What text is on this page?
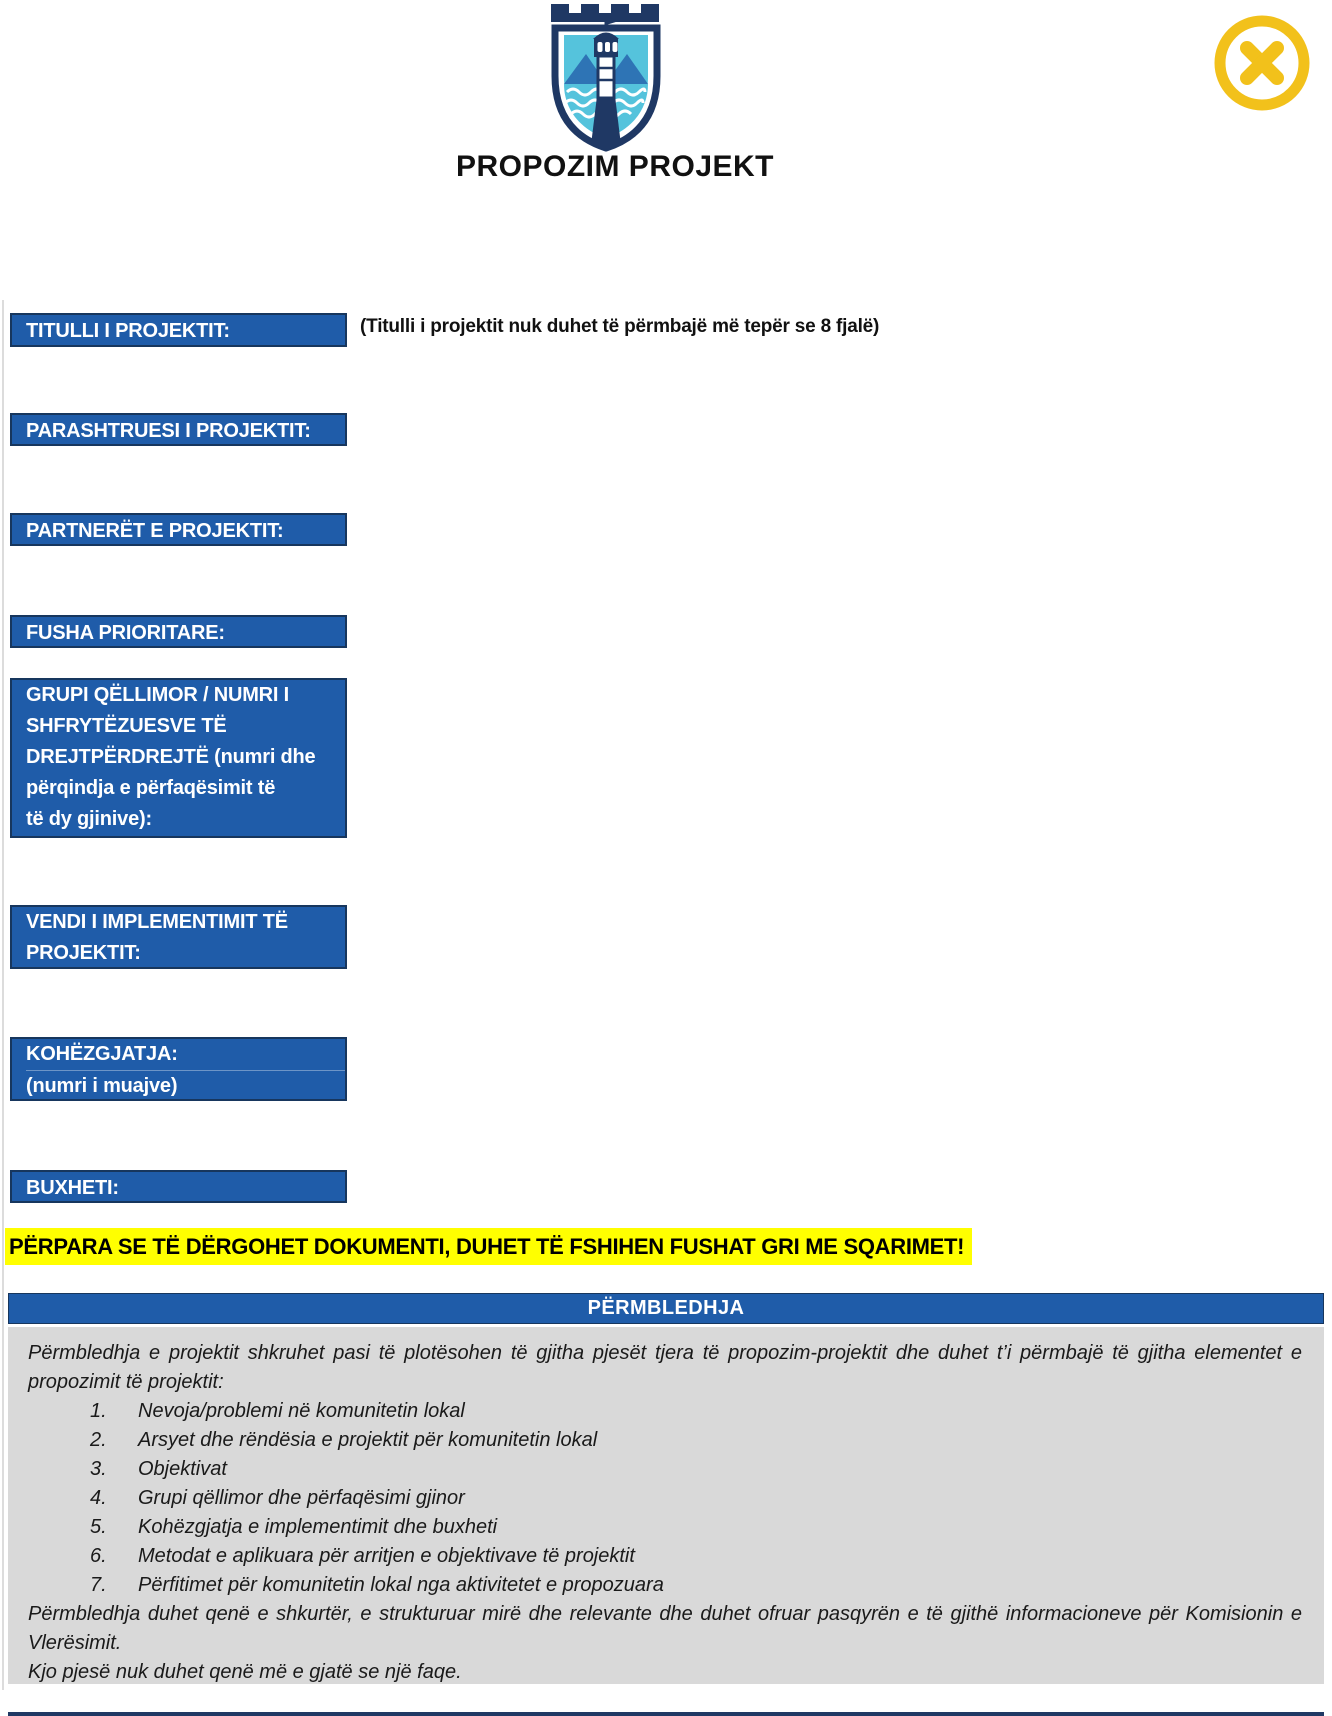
PROPOZIM PROJEKT
TITULLI I PROJEKTIT:	(Titulli i projektit nuk duhet të përmbajë më tepër se 8 fjalë)
PARASHTRUESI I PROJEKTIT:
PARTNERËT E PROJEKTIT:
FUSHA PRIORITARE:
GRUPI QËLLIMOR / NUMRI I
SHFRYTËZUESVE TË
DREJTPËRDREJTË (numri dhe
përqindja e përfaqësimit të
të dy gjinive):
VENDI I IMPLEMENTIMIT TË
PROJEKTIT:
KOHËZGJATJA:
(numri i muajve)
BUXHETI:
PËRPARA SE TË DËRGOHET DOKUMENTI, DUHET TË FSHIHEN FUSHAT GRI ME SQARIMET!
PËRMBLEDHJA
Përmbledhja e projektit shkruhet pasi të plotësohen të gjitha pjesët tjera të propozim-projektit dhe duhet t’i përmbajë të gjitha elementet e propozimit të projektit:
1. Nevoja/problemi në komunitetin lokal
2. Arsyet dhe rëndësia e projektit për komunitetin lokal
3. Objektivat
4. Grupi qëllimor dhe përfaqësimi gjinor
5. Kohëzgjatja e implementimit dhe buxheti
6. Metodat e aplikuara për arritjen e objektivave të projektit
7. Përfitimet për komunitetin lokal nga aktivitetet e propozuara
Përmbledhja duhet qenë e shkurtër, e strukturuar mirë dhe relevante dhe duhet ofruar pasqyrën e të gjithë informacioneve për Komisionin e Vlerësimit.
Kjo pjesë nuk duhet qenë më e gjatë se një faqe.
